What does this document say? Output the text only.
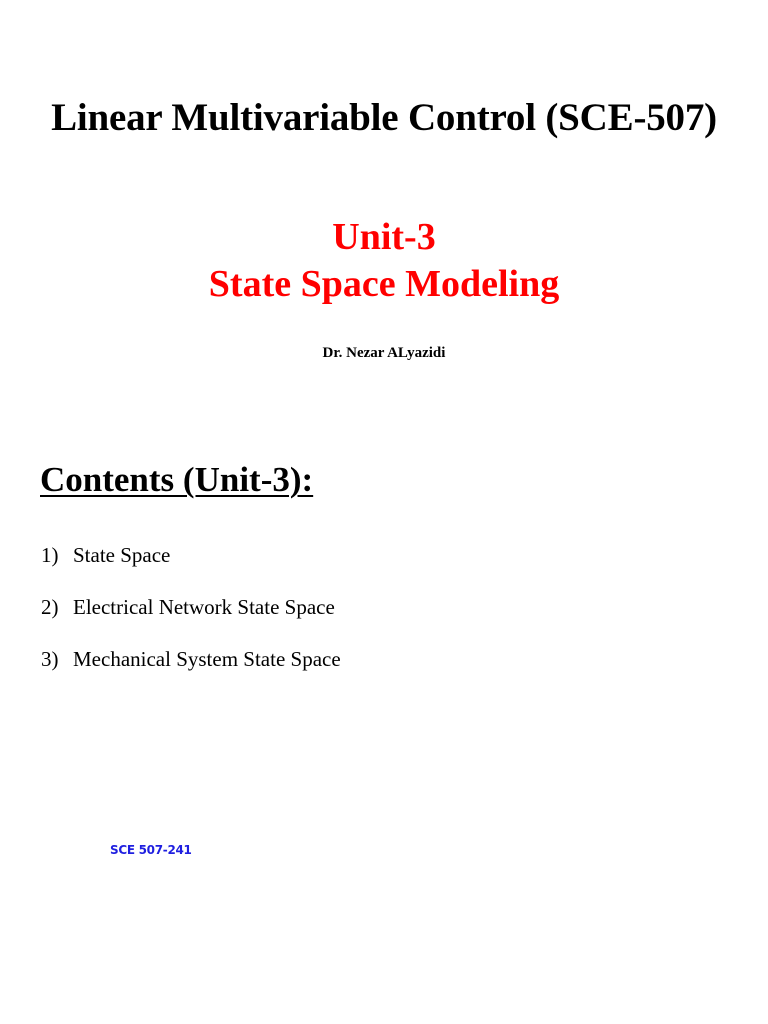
Linear Multivariable Control (SCE-507)
Unit-3
State Space Modeling
Dr. Nezar ALyazidi
Contents (Unit-3):
1) State Space
2) Electrical Network State Space
3) Mechanical System State Space
SCE 507-241
